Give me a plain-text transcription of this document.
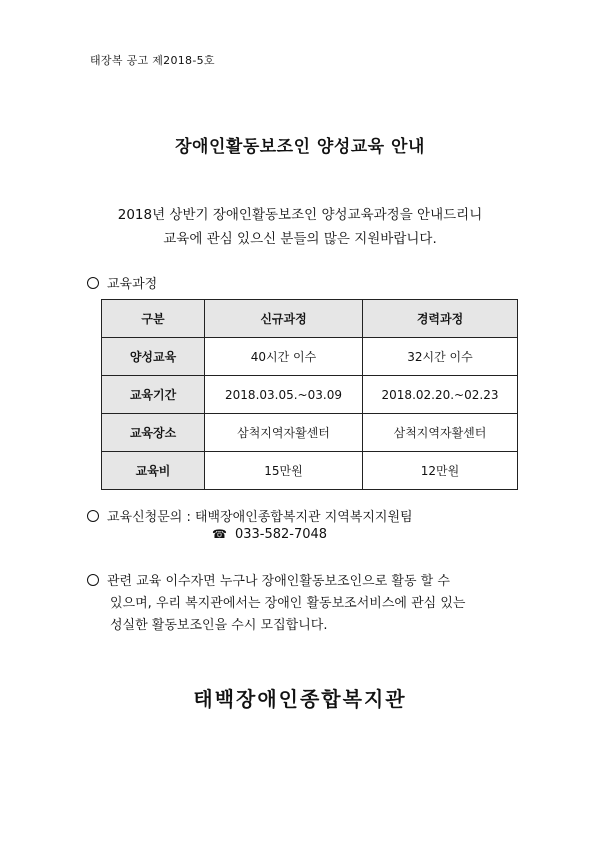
태장복 공고 제2018-5호
장애인활동보조인 양성교육 안내
2018년 상반기 장애인활동보조인 양성교육과정을 안내드리니
교육에 관심 있으신 분들의 많은 지원바랍니다.
교육과정
구분	신규과정	경력과정
양성교육	40시간 이수	32시간 이수
교육기간	2018.03.05.~03.09	2018.02.20.~02.23
교육장소	삼척지역자활센터	삼척지역자활센터
교육비	15만원	12만원
교육신청문의 : 태백장애인종합복지관 지역복지지원팀
☎ 033-582-7048
관련 교육 이수자면 누구나 장애인활동보조인으로 활동 할 수
있으며, 우리 복지관에서는 장애인 활동보조서비스에 관심 있는
성실한 활동보조인을 수시 모집합니다.
태백장애인종합복지관
